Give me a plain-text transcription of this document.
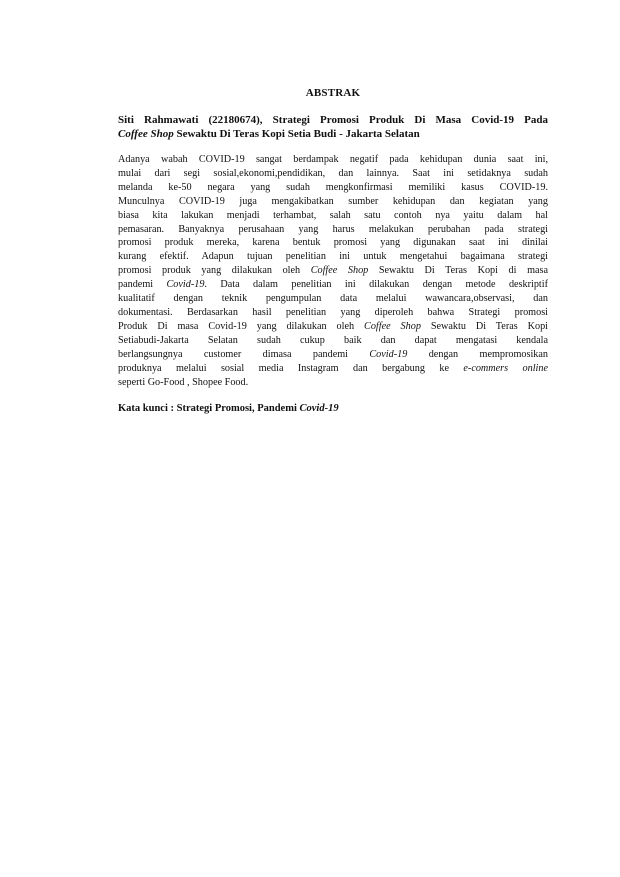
ABSTRAK
Siti Rahmawati (22180674), Strategi Promosi Produk Di Masa Covid-19 Pada
Coffee Shop Sewaktu Di Teras Kopi Setia Budi - Jakarta Selatan
Adanya wabah COVID-19 sangat berdampak negatif pada kehidupan dunia saat ini,
mulai dari segi sosial,ekonomi,pendidikan, dan lainnya. Saat ini setidaknya sudah
melanda ke-50 negara yang sudah mengkonfirmasi memiliki kasus COVID-19.
Munculnya COVID-19 juga mengakibatkan sumber kehidupan dan kegiatan yang
biasa kita lakukan menjadi terhambat, salah satu contoh nya yaitu dalam hal
pemasaran. Banyaknya perusahaan yang harus melakukan perubahan pada strategi
promosi produk mereka, karena bentuk promosi yang digunakan saat ini dinilai
kurang efektif. Adapun tujuan penelitian ini untuk mengetahui bagaimana strategi
promosi produk yang dilakukan oleh Coffee Shop Sewaktu Di Teras Kopi di masa
pandemi Covid-19. Data dalam penelitian ini dilakukan dengan metode deskriptif
kualitatif dengan teknik pengumpulan data melalui wawancara,observasi, dan
dokumentasi. Berdasarkan hasil penelitian yang diperoleh bahwa Strategi promosi
Produk Di masa Covid-19 yang dilakukan oleh Coffee Shop Sewaktu Di Teras Kopi
Setiabudi-Jakarta Selatan sudah cukup baik dan dapat mengatasi kendala
berlangsungnya customer dimasa pandemi Covid-19 dengan mempromosikan
produknya melalui sosial media Instagram dan bergabung ke e-commers online
seperti Go-Food , Shopee Food.
Kata kunci : Strategi Promosi, Pandemi Covid-19
